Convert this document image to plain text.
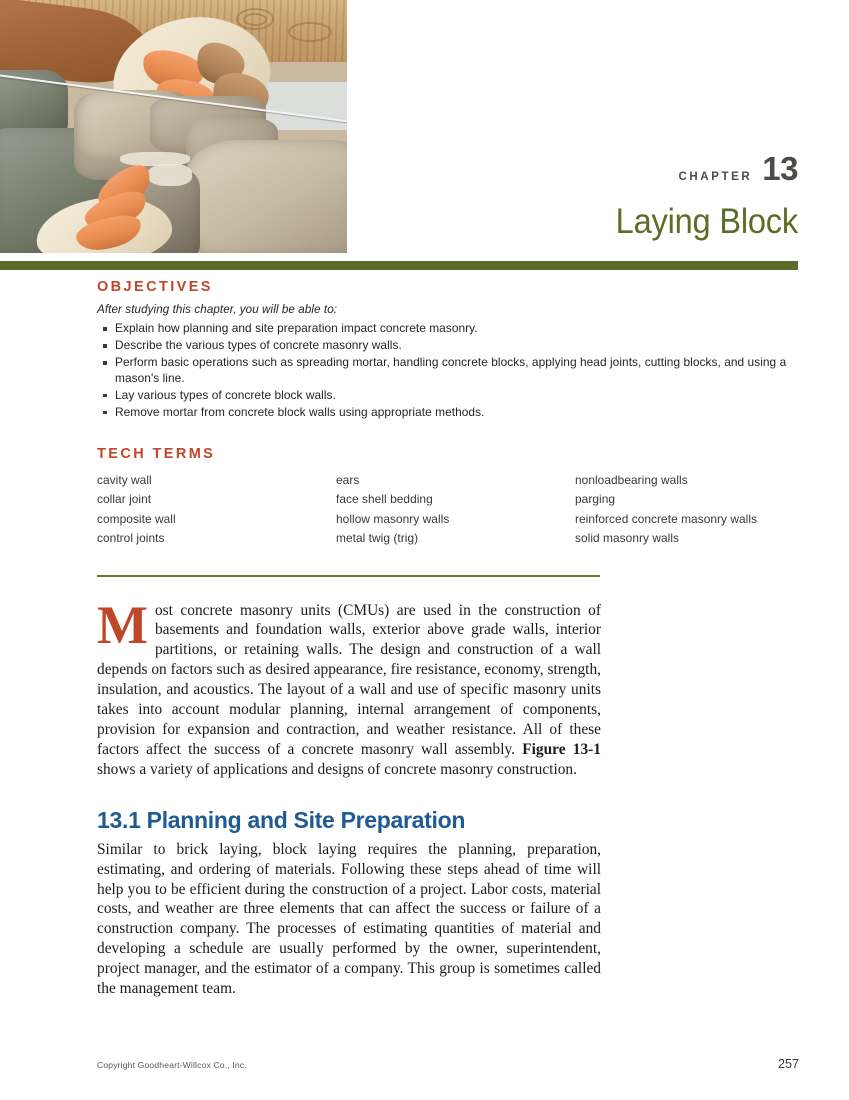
CHAPTER 13
Laying Block
OBJECTIVES
After studying this chapter, you will be able to:
Explain how planning and site preparation impact concrete masonry.
Describe the various types of concrete masonry walls.
Perform basic operations such as spreading mortar, handling concrete blocks, applying head joints, cutting blocks, and using a mason's line.
Lay various types of concrete block walls.
Remove mortar from concrete block walls using appropriate methods.
TECH TERMS
cavity wall
collar joint
composite wall
control joints
ears
face shell bedding
hollow masonry walls
metal twig (trig)
nonloadbearing walls
parging
reinforced concrete masonry walls
solid masonry walls

Most concrete masonry units (CMUs) are used in the construction of basements and foundation walls, exterior above grade walls, interior partitions, or retaining walls. The design and construction of a wall depends on factors such as desired appearance, fire resistance, economy, strength, insulation, and acoustics. The layout of a wall and use of specific masonry units takes into account modular planning, internal arrangement of components, provision for expansion and contraction, and weather resistance. All of these factors affect the success of a concrete masonry wall assembly. Figure 13-1 shows a variety of applications and designs of concrete masonry construction.

13.1 Planning and Site Preparation

Similar to brick laying, block laying requires the planning, preparation, estimating, and ordering of materials. Following these steps ahead of time will help you to be efficient during the construction of a project. Labor costs, material costs, and weather are three elements that can affect the success or failure of a construction company. The processes of estimating quantities of material and developing a schedule are usually performed by the owner, superintendent, project manager, and the estimator of a company. This group is sometimes called the management team.

Copyright Goodheart-Willcox Co., Inc.	257
